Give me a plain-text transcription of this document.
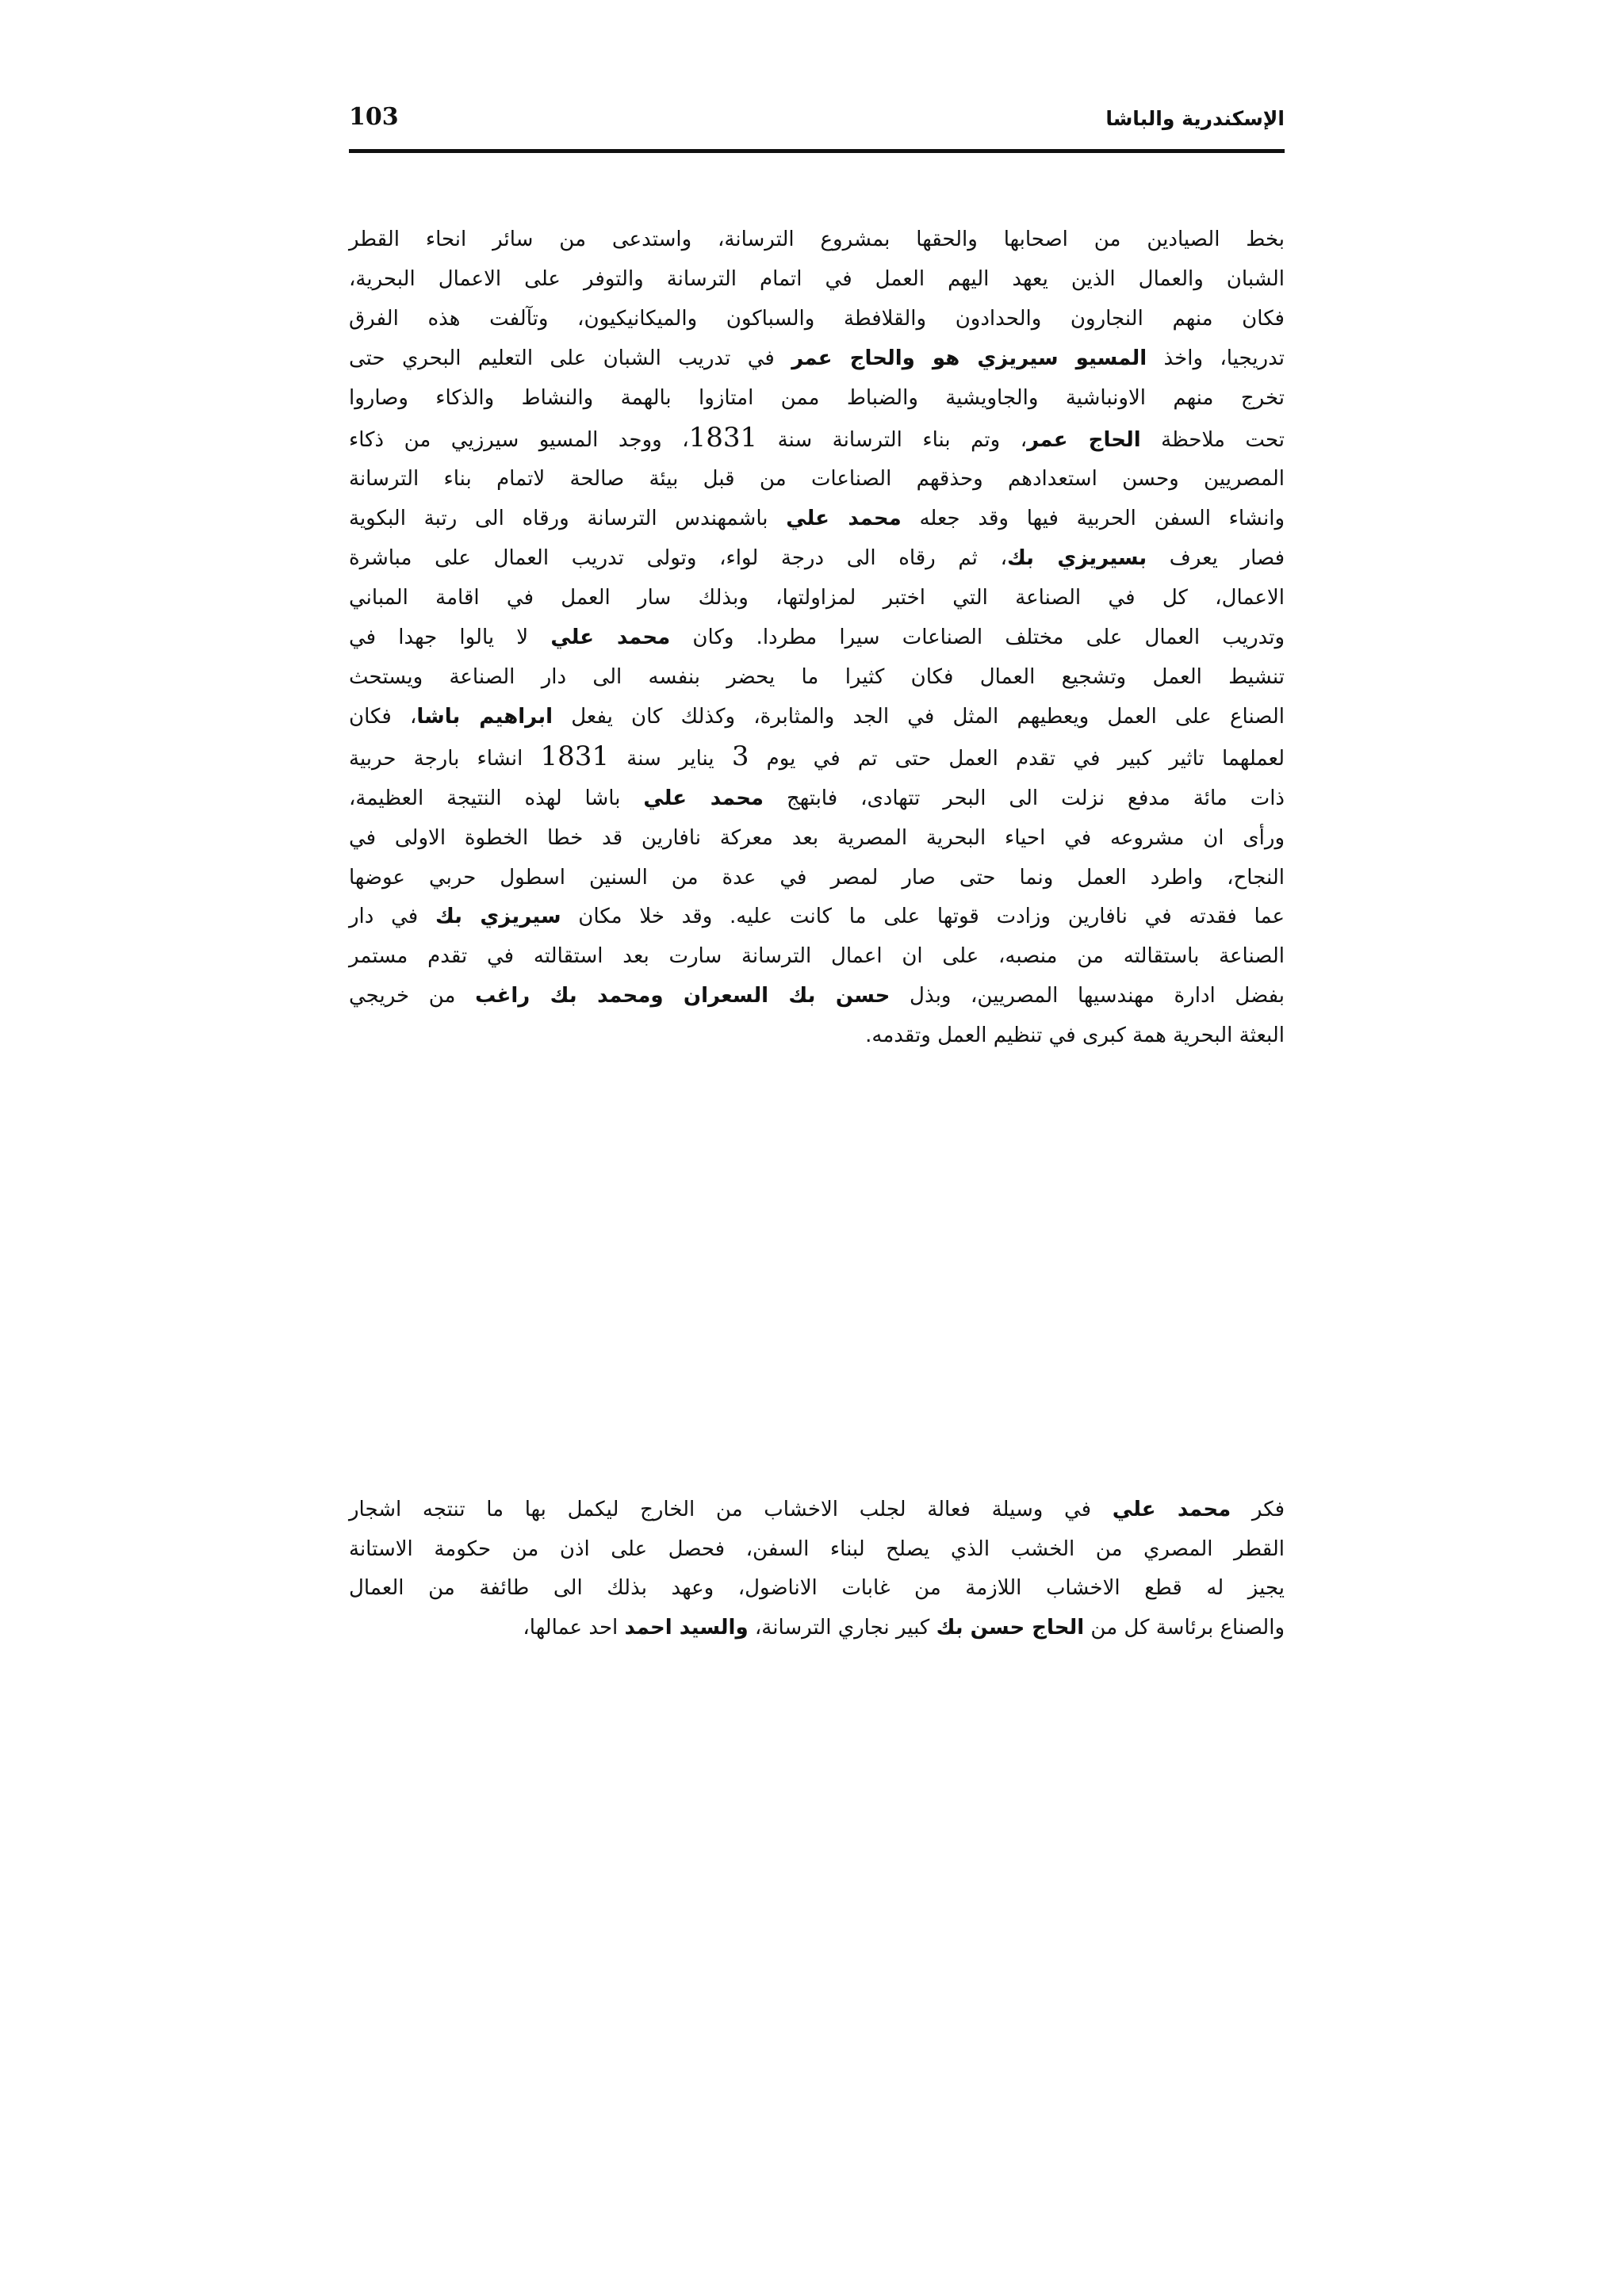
103	الإسكندرية والباشا
بخط الصيادين من اصحابها والحقها بمشروع الترسانة، واستدعى من سائر انحاء القطر
الشبان والعمال الذين يعهد اليهم العمل في اتمام الترسانة والتوفر على الاعمال البحرية،
فكان منهم النجارون والحدادون والقلافطة والسباكون والميكانيكيون، وتآلفت هذه الفرق
تدريجيا، واخذ المسيو سيريزي هو والحاج عمر في تدريب الشبان على التعليم البحري حتى
تخرج منهم الاونباشية والجاويشية والضباط ممن امتازوا بالهمة والنشاط والذكاء وصاروا
تحت ملاحظة الحاج عمر، وتم بناء الترسانة سنة 1831، ووجد المسيو سيرزيي من ذكاء
المصريين وحسن استعدادهم وحذقهم الصناعات من قبل بيئة صالحة لاتمام بناء الترسانة
وانشاء السفن الحربية فيها وقد جعله محمد علي باشمهندس الترسانة ورقاه الى رتبة البكوية
فصار يعرف بسيريزي بك، ثم رقاه الى درجة لواء، وتولى تدريب العمال على مباشرة
الاعمال، كل في الصناعة التي اختبر لمزاولتها، وبذلك سار العمل في اقامة المباني
وتدريب العمال على مختلف الصناعات سيرا مطردا. وكان محمد علي لا يالوا جهدا في
تنشيط العمل وتشجيع العمال فكان كثيرا ما يحضر بنفسه الى دار الصناعة ويستحث
الصناع على العمل ويعطيهم المثل في الجد والمثابرة، وكذلك كان يفعل ابراهيم باشا، فكان
لعملهما تاثير كبير في تقدم العمل حتى تم في يوم 3 يناير سنة 1831 انشاء بارجة حربية
ذات مائة مدفع نزلت الى البحر تتهادى، فابتهج محمد علي باشا لهذه النتيجة العظيمة،
ورأى ان مشروعه في احياء البحرية المصرية بعد معركة نافارين قد خطا الخطوة الاولى في
النجاح، واطرد العمل ونما حتى صار لمصر في عدة من السنين اسطول حربي عوضها
عما فقدته في نافارين وزادت قوتها على ما كانت عليه. وقد خلا مكان سيريزي بك في دار
الصناعة باستقالته من منصبه، على ان اعمال الترسانة سارت بعد استقالته في تقدم مستمر
بفضل ادارة مهندسيها المصريين، وبذل حسن بك السعران ومحمد بك راغب من خريجي
البعثة البحرية همة كبرى في تنظيم العمل وتقدمه.
فكر محمد علي في وسيلة فعالة لجلب الاخشاب من الخارج ليكمل بها ما تنتجه اشجار
القطر المصري من الخشب الذي يصلح لبناء السفن، فحصل على اذن من حكومة الاستانة
يجيز له قطع الاخشاب اللازمة من غابات الاناضول، وعهد بذلك الى طائفة من العمال
والصناع برئاسة كل من الحاج حسن بك كبير نجاري الترسانة، والسيد احمد احد عمالها،
